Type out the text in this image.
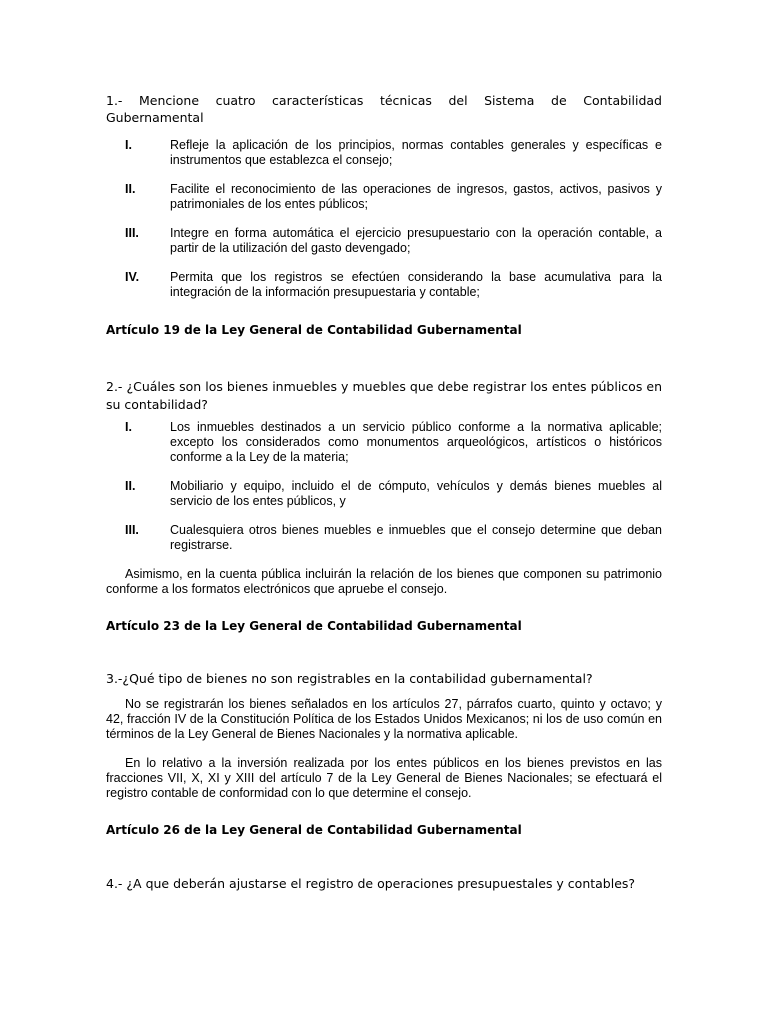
1.- Mencione cuatro características técnicas del Sistema de Contabilidad Gubernamental

I.	Refleje la aplicación de los principios, normas contables generales y específicas e instrumentos que establezca el consejo;
II.	Facilite el reconocimiento de las operaciones de ingresos, gastos, activos, pasivos y patrimoniales de los entes públicos;
III.	Integre en forma automática el ejercicio presupuestario con la operación contable, a partir de la utilización del gasto devengado;
IV.	Permita que los registros se efectúen considerando la base acumulativa para la integración de la información presupuestaria y contable;

Artículo 19 de la Ley General de Contabilidad Gubernamental

2.- ¿Cuáles son los bienes inmuebles y muebles que debe registrar los entes públicos en su contabilidad?

I.	Los inmuebles destinados a un servicio público conforme a la normativa aplicable; excepto los considerados como monumentos arqueológicos, artísticos o históricos conforme a la Ley de la materia;
II.	Mobiliario y equipo, incluido el de cómputo, vehículos y demás bienes muebles al servicio de los entes públicos, y
III.	Cualesquiera otros bienes muebles e inmuebles que el consejo determine que deban registrarse.

Asimismo, en la cuenta pública incluirán la relación de los bienes que componen su patrimonio conforme a los formatos electrónicos que apruebe el consejo.

Artículo 23 de la Ley General de Contabilidad Gubernamental

3.-¿Qué tipo de bienes no son registrables en la contabilidad gubernamental?

No se registrarán los bienes señalados en los artículos 27, párrafos cuarto, quinto y octavo; y 42, fracción IV de la Constitución Política de los Estados Unidos Mexicanos; ni los de uso común en términos de la Ley General de Bienes Nacionales y la normativa aplicable.

En lo relativo a la inversión realizada por los entes públicos en los bienes previstos en las fracciones VII, X, XI y XIII del artículo 7 de la Ley General de Bienes Nacionales; se efectuará el registro contable de conformidad con lo que determine el consejo.

Artículo 26 de la Ley General de Contabilidad Gubernamental

4.- ¿A que deberán ajustarse el registro de operaciones presupuestales y contables?
